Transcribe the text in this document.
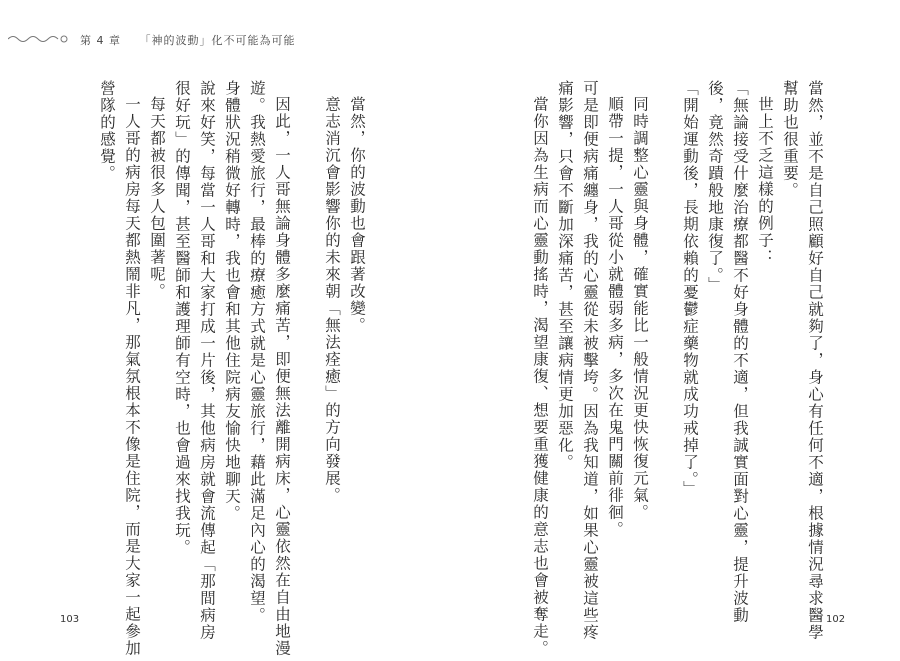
第 4 章 「神的波動」化不可能為可能

當然，並不是自己照顧好自己就夠了，身心有任何不適，根據情況尋求醫學

幫助也很重要。

世上不乏這樣的例子：

「無論接受什麼治療都醫不好身體的不適，但我誠實面對心靈，提升波動

後，竟然奇蹟般地康復了。」

「開始運動後，長期依賴的憂鬱症藥物就成功戒掉了。」

同時調整心靈與身體，確實能比一般情況更快恢復元氣。

順帶一提，一人哥從小就體弱多病，多次在鬼門關前徘徊。

可是即便病痛纏身，我的心靈從未被擊垮。因為我知道，如果心靈被這些疼

痛影響，只會不斷加深痛苦，甚至讓病情更加惡化。

當你因為生病而心靈動搖時，渴望康復、想要重獲健康的意志也會被奪走。

當然，你的波動也會跟著改變。

意志消沉會影響你的未來朝「無法痊癒」的方向發展。

因此，一人哥無論身體多麼痛苦，即便無法離開病床，心靈依然在自由地漫

遊。我熱愛旅行，最棒的療癒方式就是心靈旅行，藉此滿足內心的渴望。

身體狀況稍微好轉時，我也會和其他住院病友愉快地聊天。

說來好笑，每當一人哥和大家打成一片後，其他病房就會流傳起「那間病房

很好玩」的傳聞，甚至醫師和護理師有空時，也會過來找我玩。

每天都被很多人包圍著呢。

一人哥的病房每天都熱鬧非凡，那氣氛根本不像是住院，而是大家一起參加

營隊的感覺。

103	102
